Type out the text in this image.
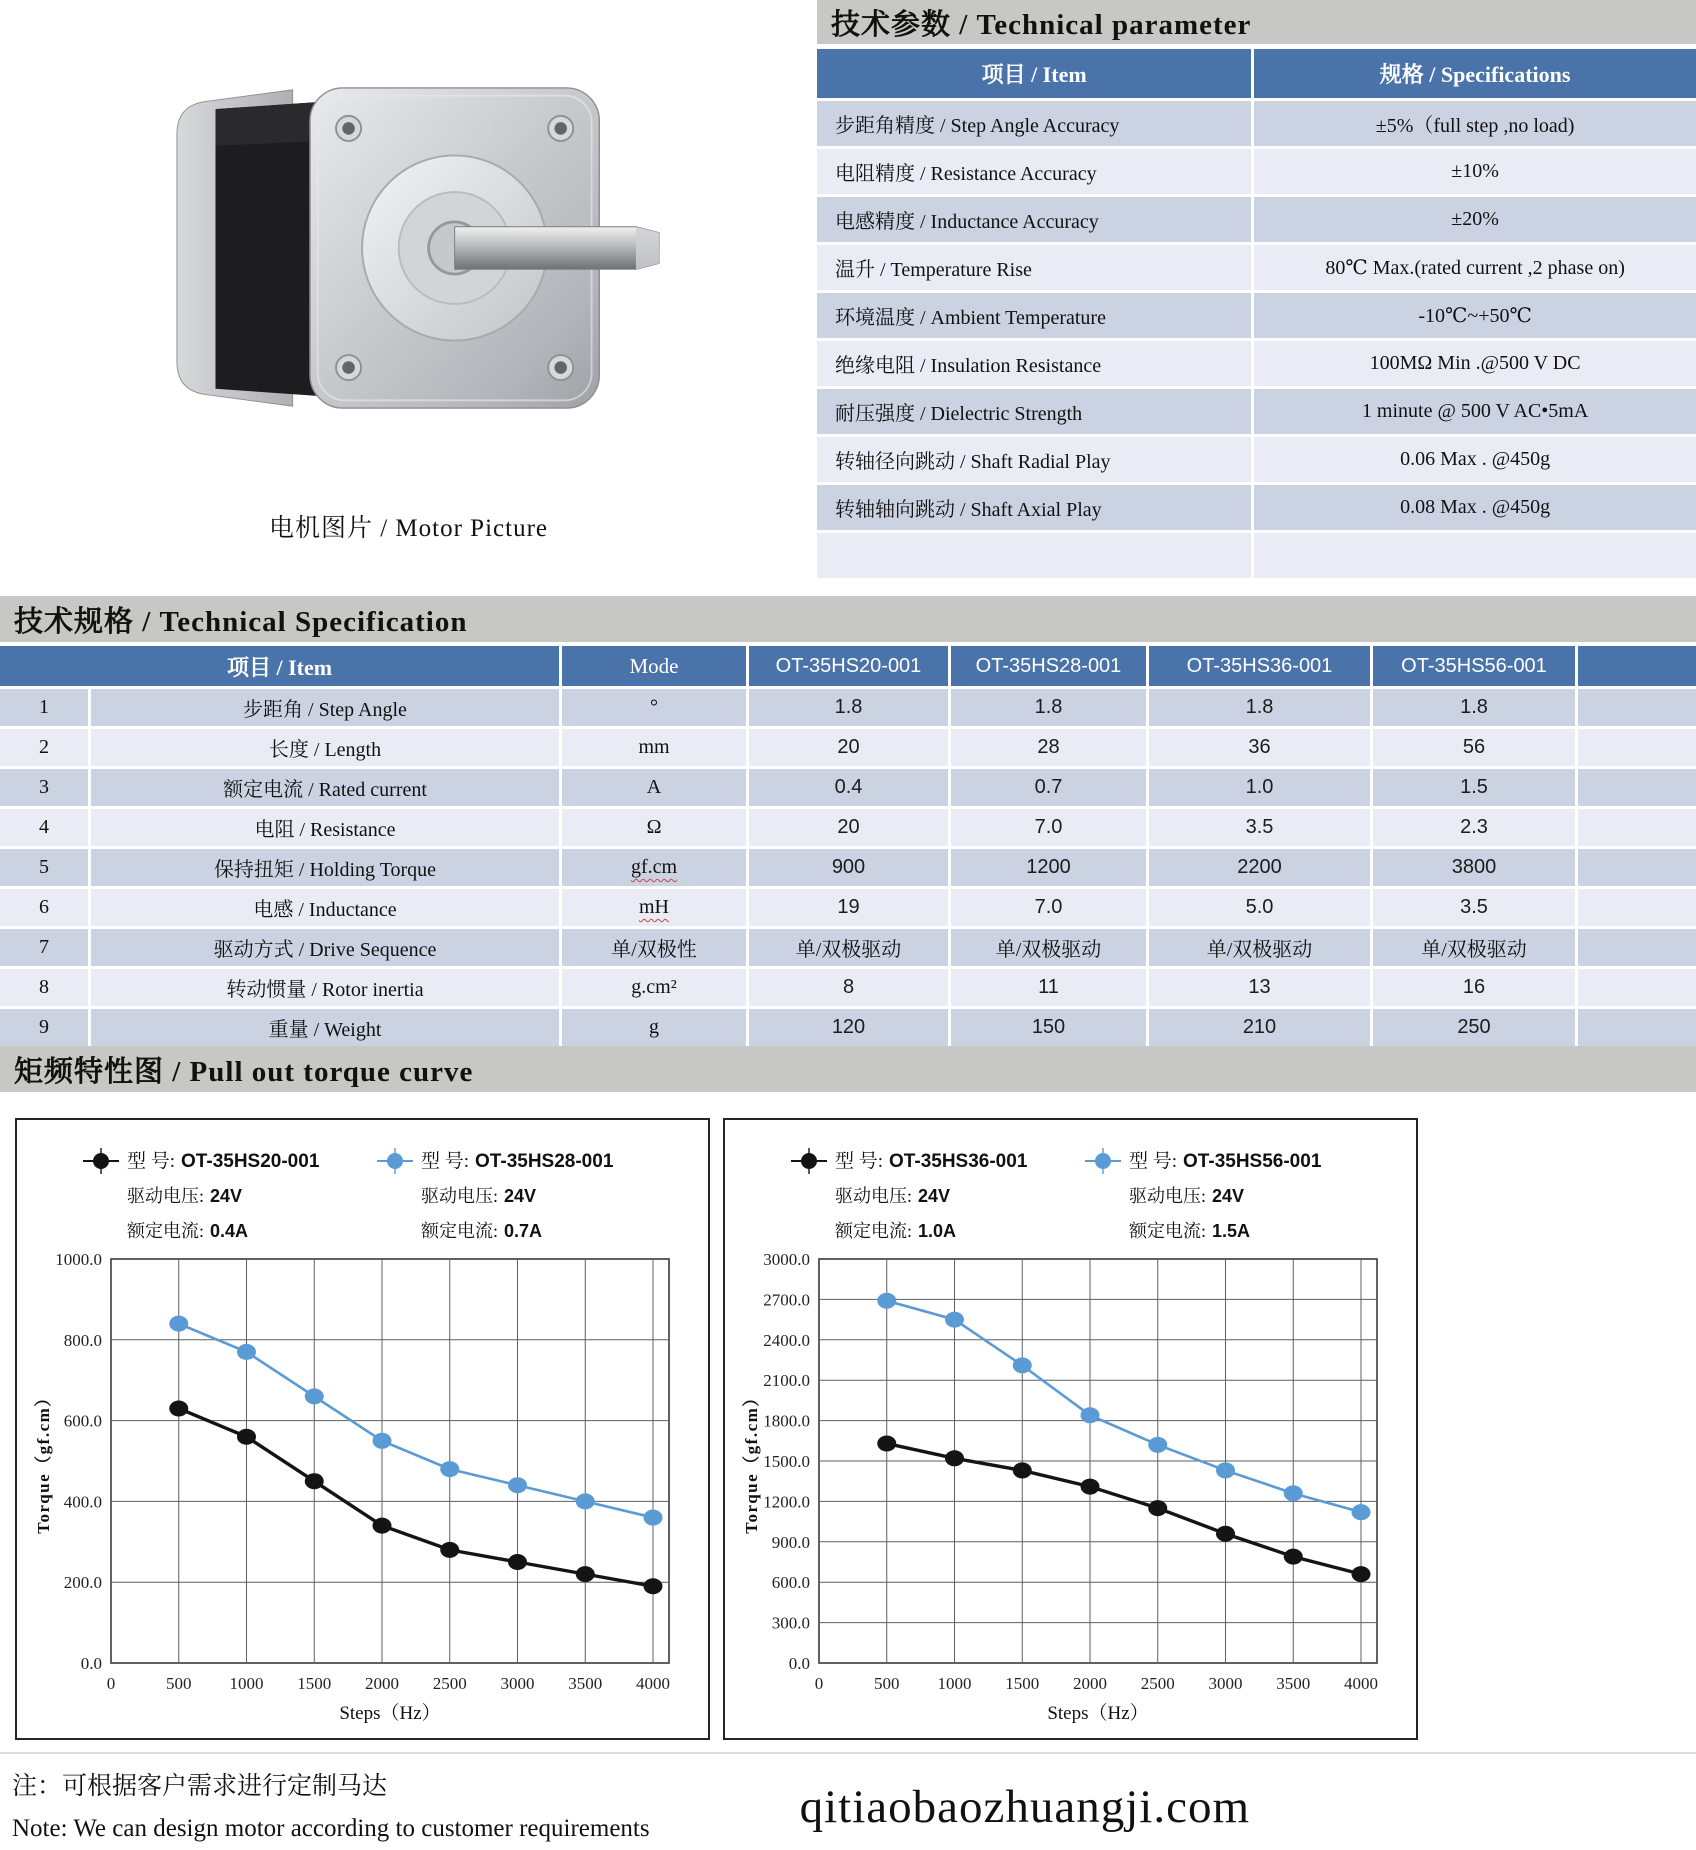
电机图片 / Motor Picture
技术参数 / Technical parameter
项目 / Item	规格 / Specifications
步距角精度 / Step Angle Accuracy	±5%（full step ,no load)
电阻精度 / Resistance Accuracy	±10%
电感精度 / Inductance Accuracy	±20%
温升 / Temperature Rise	80℃ Max.(rated current ,2 phase on)
环境温度 / Ambient Temperature	-10℃~+50℃
绝缘电阻 / Insulation Resistance	100MΩ Min .@500 V DC
耐压强度 / Dielectric Strength	1 minute @ 500 V AC•5mA
转轴径向跳动 / Shaft Radial Play	0.06 Max . @450g
转轴轴向跳动 / Shaft Axial Play	0.08 Max . @450g
技术规格 / Technical Specification
项目 / Item	Mode	OT-35HS20-001	OT-35HS28-001	OT-35HS36-001	OT-35HS56-001
1	步距角 / Step Angle	°	1.8	1.8	1.8	1.8
2	长度 / Length	mm	20	28	36	56
3	额定电流 / Rated current	A	0.4	0.7	1.0	1.5
4	电阻 / Resistance	Ω	20	7.0	3.5	2.3
5	保持扭矩 / Holding Torque	gf.cm	900	1200	2200	3800
6	电感 / Inductance	mH	19	7.0	5.0	3.5
7	驱动方式 / Drive Sequence	单/双极性	单/双极驱动	单/双极驱动	单/双极驱动	单/双极驱动
8	转动惯量 / Rotor inertia	g.cm²	8	11	13	16
9	重量 / Weight	g	120	150	210	250
矩频特性图 / Pull out torque curve
型 号: OT-35HS20-001
驱动电压: 24V
额定电流: 0.4A
型 号: OT-35HS28-001
驱动电压: 24V
额定电流: 0.7A
0.0
200.0
400.0
600.0
800.0
1000.0
0	500 1000 1500 2000 2500 3000 3500 4000
Torque（gf.cm）
Steps（Hz）
型 号: OT-35HS36-001
驱动电压: 24V
额定电流: 1.0A
型 号: OT-35HS56-001
驱动电压: 24V
额定电流: 1.5A
0.0
300.0
600.0
900.0
1200.0
1500.0
1800.0
2100.0
2400.0
2700.0
3000.0
0	500 1000 1500 2000 2500 3000 3500 4000
Torque（gf.cm）
Steps（Hz）
注：可根据客户需求进行定制马达
Note: We can design motor according to customer requirements	qitiaobaozhuangji.com
